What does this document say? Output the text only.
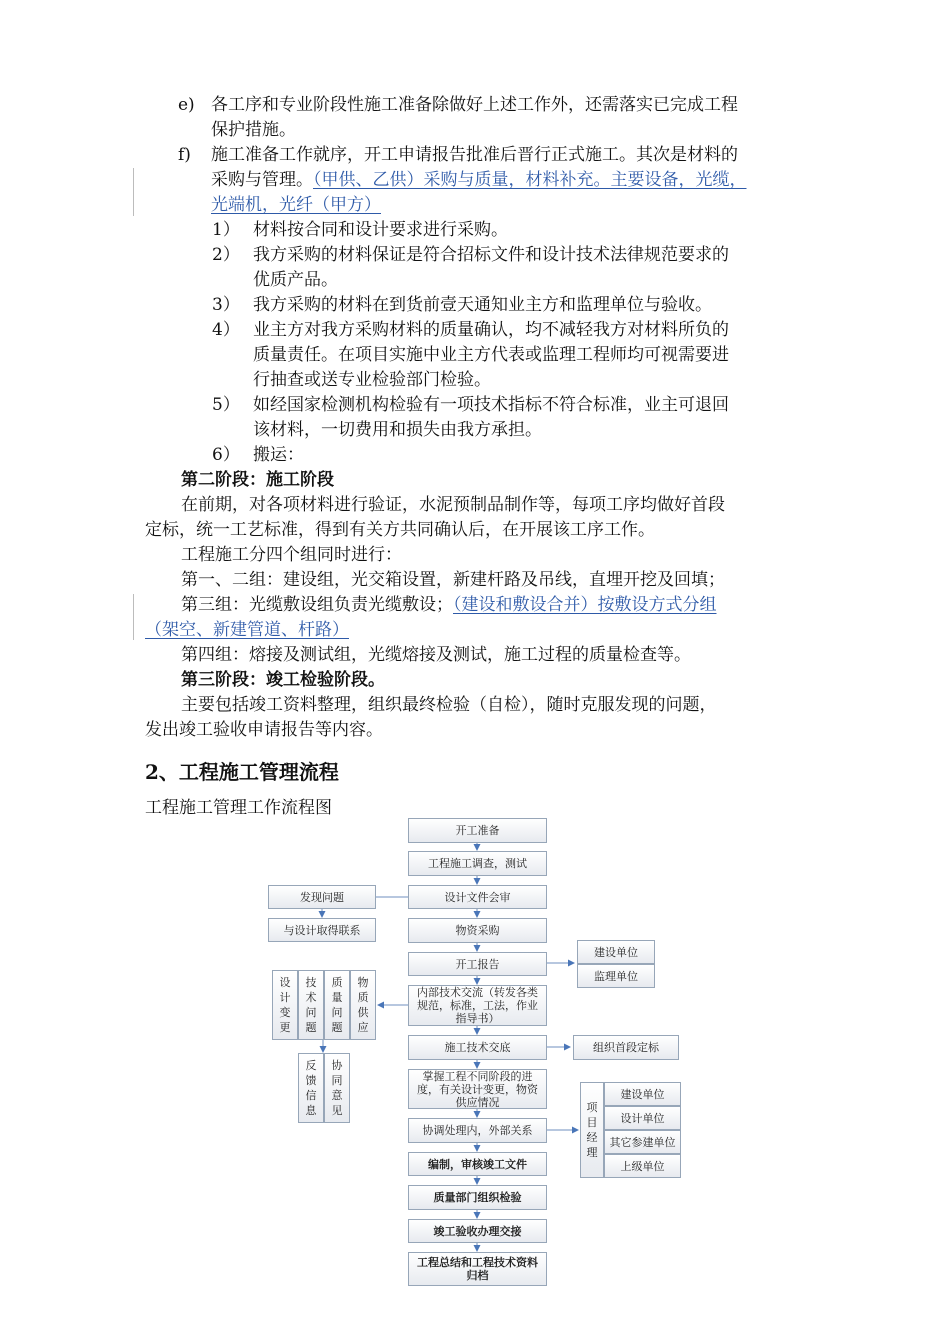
e) 各工序和专业阶段性施工准备除做好上述工作外，还需落实已完成工程
保护措施。
f) 施工准备工作就序，开工申请报告批准后晋行正式施工。其次是材料的
采购与管理。（甲供、乙供）采购与质量，材料补充。主要设备，光缆，
光端机，光纤（甲方）
1） 材料按合同和设计要求进行采购。
2） 我方采购的材料保证是符合招标文件和设计技术法律规范要求的
优质产品。
3） 我方采购的材料在到货前壹天通知业主方和监理单位与验收。
4） 业主方对我方采购材料的质量确认，均不减轻我方对材料所负的
质量责任。在项目实施中业主方代表或监理工程师均可视需要进
行抽查或送专业检验部门检验。
5） 如经国家检测机构检验有一项技术指标不符合标准，业主可退回
该材料，一切费用和损失由我方承担。
6） 搬运：
第二阶段：施工阶段
在前期，对各项材料进行验证，水泥预制品制作等，每项工序均做好首段
定标，统一工艺标准，得到有关方共同确认后，在开展该工序工作。
工程施工分四个组同时进行：
第一、二组：建设组，光交箱设置，新建杆路及吊线，直埋开挖及回填；
第三组：光缆敷设组负责光缆敷设；（建设和敷设合并）按敷设方式分组
（架空、新建管道、杆路）
第四组：熔接及测试组，光缆熔接及测试，施工过程的质量检查等。
第三阶段：竣工检验阶段。
主要包括竣工资料整理，组织最终检验（自检），随时克服发现的问题，
发出竣工验收申请报告等内容。
2、工程施工管理流程
工程施工管理工作流程图
开工准备
工程施工调查，测试
设计文件会审
物资采购
开工报告
内部技术交流（转发各类规范，标准，工法，作业指导书）
施工技术交底
掌握工程不同阶段的进度，有关设计变更，物资供应情况
协调处理内，外部关系
编制，审核竣工文件
质量部门组织检验
竣工验收办理交接
工程总结和工程技术资料归档
发现问题
与设计取得联系
设计变更
技术问题
质量问题
物质供应
反馈信息
协同意见
建设单位
监理单位
组织首段定标
项目经理
建设单位
设计单位
其它参建单位
上级单位
